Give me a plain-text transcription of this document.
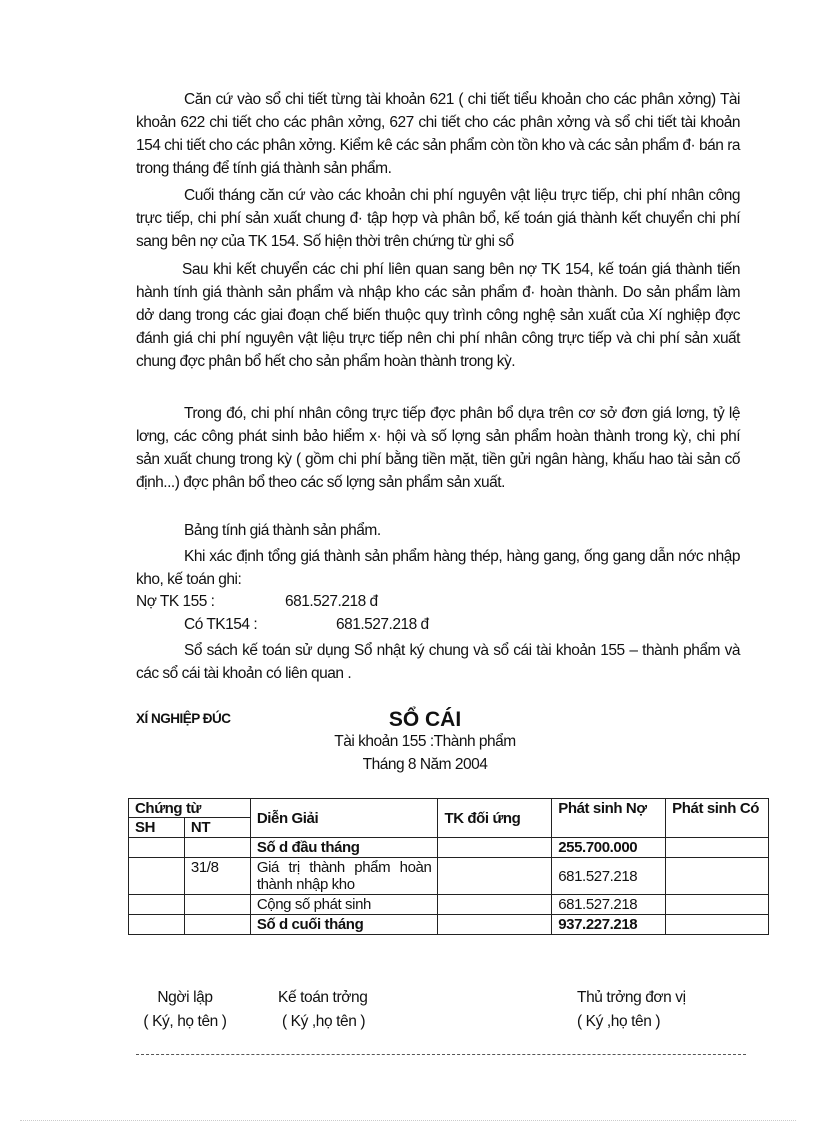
Căn cứ vào sổ chi tiết từng tài khoản 621 ( chi tiết tiểu khoản cho các phân xởng) Tài khoản 622 chi tiết cho các phân xởng, 627 chi tiết cho các phân xởng và sổ chi tiết tài khoản 154 chi tiết cho các phân xởng. Kiểm kê các sản phẩm còn tồn kho và các sản phẩm đ· bán ra trong tháng để tính giá thành sản phẩm.

Cuối tháng căn cứ vào các khoản chi phí nguyên vật liệu trực tiếp, chi phí nhân công trực tiếp, chi phí sản xuất chung đ· tập hợp và phân bổ, kế toán giá thành kết chuyển chi phí sang bên nợ của TK 154. Số hiện thời trên chứng từ ghi sổ

Sau khi kết chuyển các chi phí liên quan sang bên nợ TK 154, kế toán giá thành tiến hành tính giá thành sản phẩm và nhập kho các sản phẩm đ· hoàn thành. Do sản phẩm làm dở dang trong các giai đoạn chế biến thuộc quy trình công nghệ sản xuất của Xí nghiệp đợc đánh giá chi phí nguyên vật liệu trực tiếp nên chi phí nhân công trực tiếp và chi phí sản xuất chung đợc phân bổ hết cho sản phẩm hoàn thành trong kỳ.

Trong đó, chi phí nhân công trực tiếp đợc phân bổ dựa trên cơ sở đơn giá lơng, tỷ lệ lơng, các công phát sinh bảo hiểm x· hội và số lợng sản phẩm hoàn thành trong kỳ, chi phí sản xuất chung trong kỳ ( gồm chi phí bằng tiền mặt, tiền gửi ngân hàng, khấu hao tài sản cố định...) đợc phân bổ theo các số lợng sản phẩm sản xuất.

Bảng tính giá thành sản phẩm.

Khi xác định tổng giá thành sản phẩm hàng thép, hàng gang, ống gang dẫn nớc nhập kho, kế toán ghi:

Nợ TK 155 :	681.527.218 đ

Có TK154 :	681.527.218 đ

Sổ sách kế toán sử dụng Sổ nhật ký chung và sổ cái tài khoản 155 – thành phẩm và các sổ cái tài khoản có liên quan .

XÍ NGHIỆP ĐÚC	SỔ CÁI

Tài khoản 155 :Thành phẩm

Tháng 8 Năm 2004

Chứng từ		Diễn Giải	TK đối ứng	Phát sinh Nợ	Phát sinh Có
SH	NT				
		Số d đầu tháng		255.700.000	
	31/8	Giá trị thành phẩm hoàn thành nhập kho		681.527.218	
		Cộng số phát sinh		681.527.218	
		Số d cuối tháng		937.227.218	

Ngời lập

( Ký, họ tên )

Kế toán trởng

( Ký ,họ tên )

Thủ trởng đơn vị

( Ký ,họ tên )
